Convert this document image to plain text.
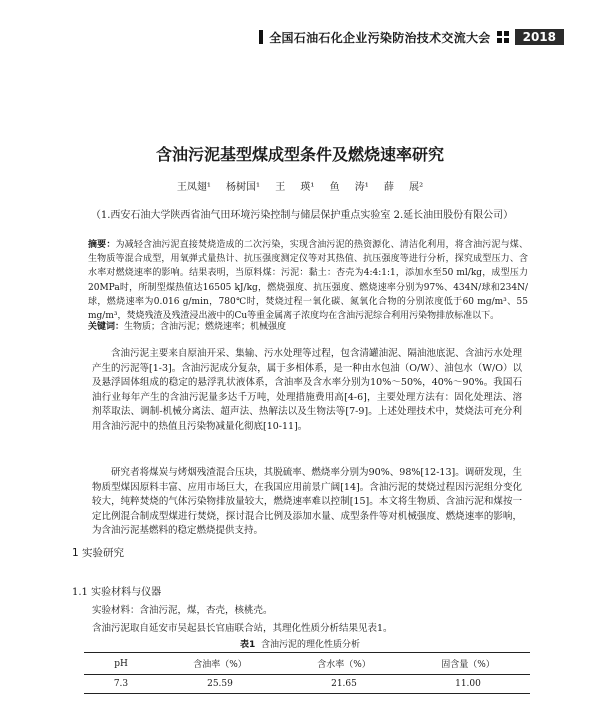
全国石油石化企业污染防治技术交流大会	2018
含油污泥基型煤成型条件及燃烧速率研究
王凤翅¹ 杨树国¹ 王 瑛¹ 鱼 涛¹ 薛 展²
（1.西安石油大学陕西省油气田环境污染控制与储层保护重点实验室 2.延长油田股份有限公司）
摘要：为减轻含油污泥直接焚烧造成的二次污染，实现含油污泥的热资源化、清洁化利用，将含油污泥与煤、生物质等混合成型，用氧弹式量热计、抗压强度测定仪等对其热值、抗压强度等进行分析，探究成型压力、含水率对燃烧速率的影响。结果表明，当原料煤：污泥：黏土：杏壳为4:4:1:1，添加水至50 ml/kg，成型压力20MPa时，所制型煤热值达16505 kJ/kg，燃烧强度、抗压强度、燃烧速率分别为97%、434N/球和234N/球，燃烧速率为0.016 g/min，780℃时，焚烧过程一氧化碳、氮氧化合物的分别浓度低于60 mg/m³、55 mg/m³，焚烧残渣及残渣浸出液中的Cu等重金属离子浓度均在含油污泥综合利用污染物排放标准以下。
关键词：生物质；含油污泥；燃烧速率；机械强度
含油污泥主要来自原油开采、集输、污水处理等过程，包含清罐油泥、隔油池底泥、含油污水处理产生的污泥等[1-3]。含油污泥成分复杂，属于多相体系，是一种由水包油（O/W）、油包水（W/O）以及悬浮固体组成的稳定的悬浮乳状液体系，含油率及含水率分别为10%～50%，40%～90%。我国石油行业每年产生的含油污泥量多达千万吨，处理措施费用高[4-6]，主要处理方法有：固化处理法、溶剂萃取法、调制-机械分离法、超声法、热解法以及生物法等[7-9]。上述处理技术中，焚烧法可充分利用含油污泥中的热值且污染物减量化彻底[10-11]。
研究者将煤炭与烤烟残渣混合压块，其脱硫率、燃烧率分别为90%、98%[12-13]。调研发现，生物质型煤因原料丰富、应用市场巨大，在我国应用前景广阔[14]。含油污泥的焚烧过程因污泥组分变化较大，纯粹焚烧的气体污染物排放量较大，燃烧速率难以控制[15]。本文将生物质、含油污泥和煤按一定比例混合制成型煤进行焚烧，探讨混合比例及添加水量、成型条件等对机械强度、燃烧速率的影响，为含油污泥基燃料的稳定燃烧提供支持。
1 实验研究
1.1 实验材料与仪器
实验材料：含油污泥，煤，杏壳，核桃壳。
含油污泥取自延安市吴起县长官庙联合站，其理化性质分析结果见表1。
表1 含油污泥的理化性质分析
pH	含油率（%）	含水率（%）	固含量（%）
7.3	25.59	21.65	11.00
